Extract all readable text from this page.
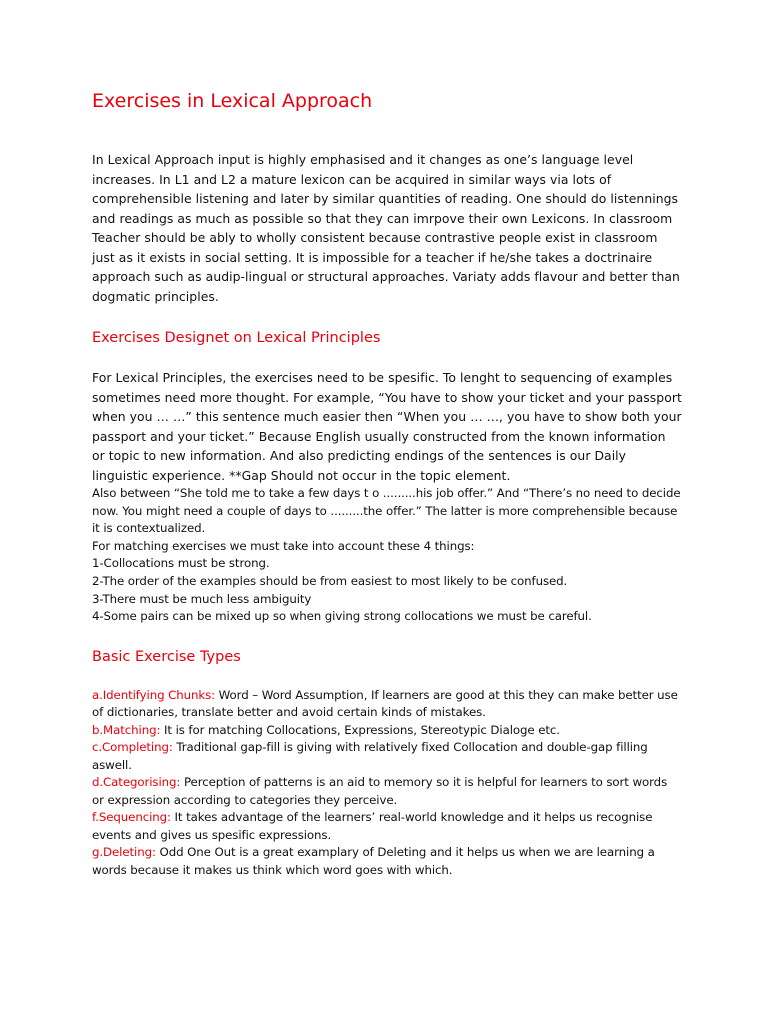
Exercises in Lexical Approach

In Lexical Approach input is highly emphasised and it changes as one’s language level increases. In L1 and L2 a mature lexicon can be acquired in similar ways via lots of comprehensible listening and later by similar quantities of reading. One should do listennings and readings as much as possible so that they can imrpove their own Lexicons. In classroom Teacher should be ably to wholly consistent because contrastive people exist in classroom just as it exists in social setting. It is impossible for a teacher if he/she takes a doctrinaire approach such as audip-lingual or structural approaches. Variaty adds flavour and better than dogmatic principles.

Exercises Designet on Lexical Principles

For Lexical Principles, the exercises need to be spesific. To lenght to sequencing of examples sometimes need more thought. For example, “You have to show your ticket and your passport when you … …” this sentence much easier then “When you … …, you have to show both your passport and your ticket.” Because English usually constructed from the known information or topic to new information. And also predicting endings of the sentences is our Daily linguistic experience. **Gap Should not occur in the topic element.

Also between “She told me to take a few days t o .........his job offer.” And “There’s no need to decide now. You might need a couple of days to .........the offer.” The latter is more comprehensible because it is contextualized.

For matching exercises we must take into account these 4 things:

1-Collocations must be strong.

2-The order of the examples should be from easiest to most likely to be confused.

3-There must be much less ambiguity

4-Some pairs can be mixed up so when giving strong collocations we must be careful.

Basic Exercise Types

a.Identifying Chunks: Word – Word Assumption, If learners are good at this they can make better use of dictionaries, translate better and avoid certain kinds of mistakes.

b.Matching: It is for matching Collocations, Expressions, Stereotypic Dialoge etc.

c.Completing: Traditional gap-fill is giving with relatively fixed Collocation and double-gap filling aswell.

d.Categorising: Perception of patterns is an aid to memory so it is helpful for learners to sort words or expression according to categories they perceive.

f.Sequencing: It takes advantage of the learners’ real-world knowledge and it helps us recognise events and gives us spesific expressions.

g.Deleting: Odd One Out is a great examplary of Deleting and it helps us when we are learning a words because it makes us think which word goes with which.
